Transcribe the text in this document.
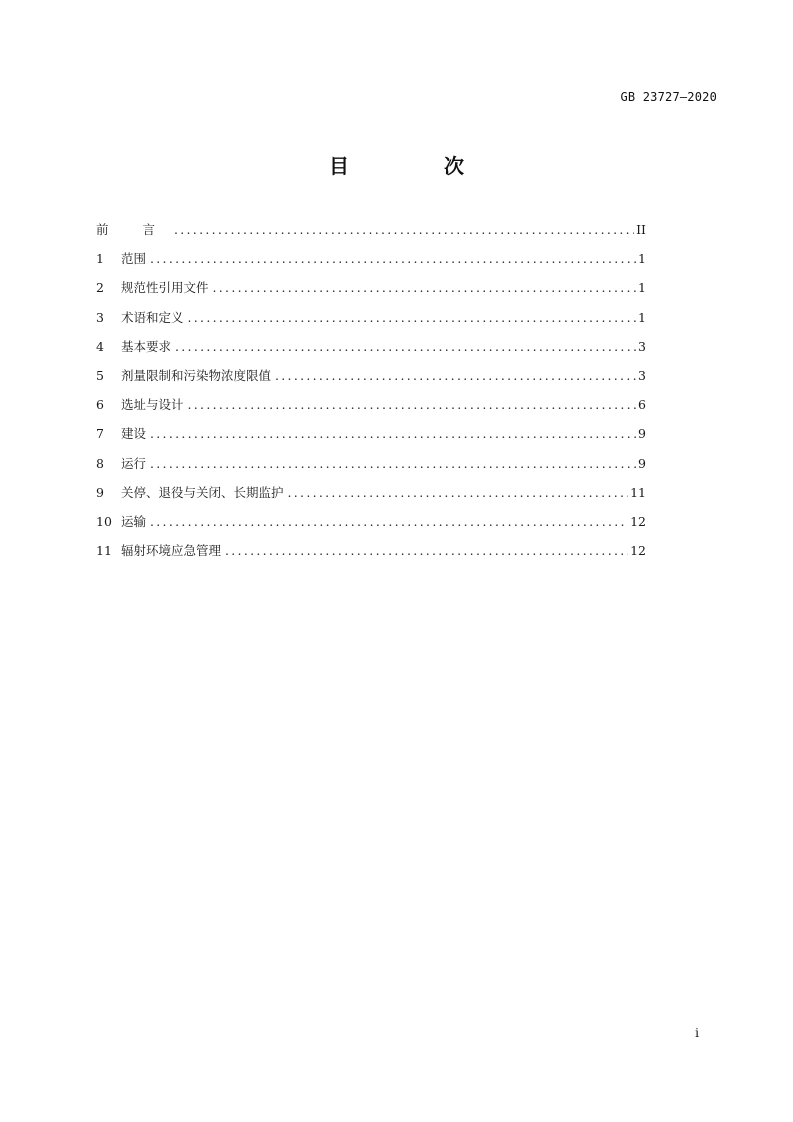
GB 23727—2020
目 次
前 言 .....	II
1	范围 .....	1
2	规范性引用文件 .....	1
3	术语和定义 .....	1
4	基本要求 .....	3
5	剂量限制和污染物浓度限值 .....	3
6	选址与设计 .....	6
7	建设 .....	9
8	运行 .....	9
9	关停、退役与关闭、长期监护 .....	11
10 运输 .....	12
11 辐射环境应急管理 .....	12
i
